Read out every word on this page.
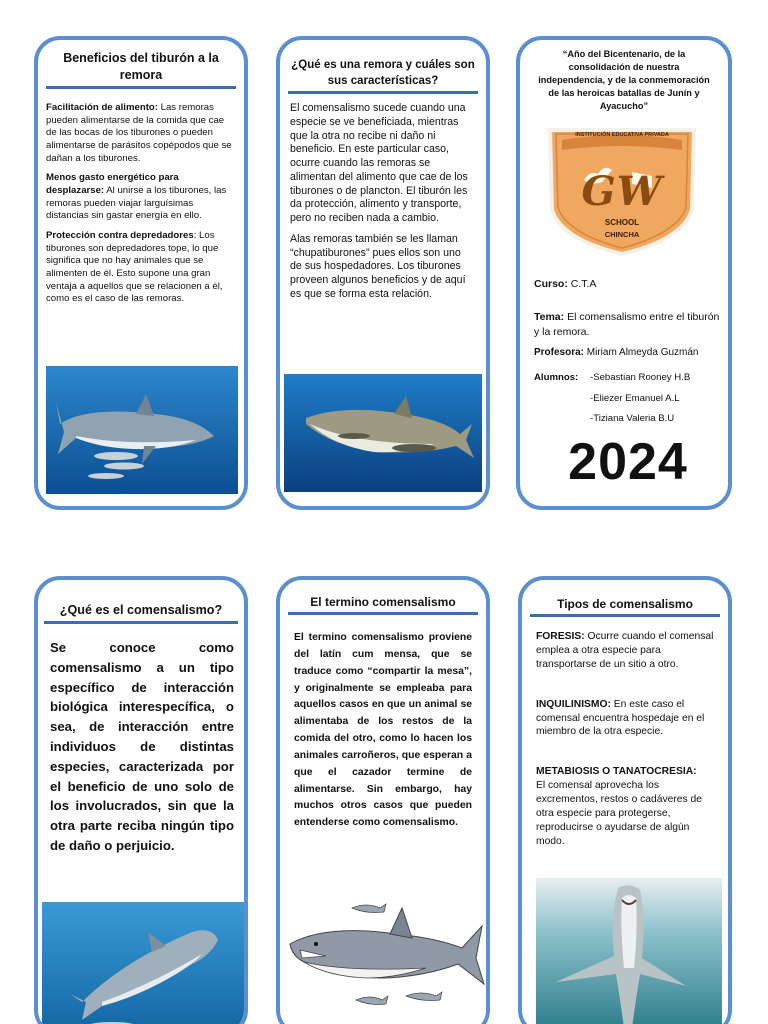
Beneficios del tiburón a la remora

Facilitación de alimento: Las remoras pueden alimentarse de la comida que cae de las bocas de los tiburones o pueden alimentarse de parásitos copépodos que se dañan a los tiburones.

Menos gasto energético para desplazarse: Al unirse a los tiburones, las remoras pueden viajar larguísimas distancias sin gastar energía en ello.

Protección contra depredadores: Los tiburones son depredadores tope, lo que significa que no hay animales que se alimenten de él. Esto supone una gran ventaja a aquellos que se relacionen a él, como es el caso de las remoras.

¿Qué es una remora y cuáles son sus características?

El comensalismo sucede cuando una especie se ve beneficiada, mientras que la otra no recibe ni daño ni beneficio. En este particular caso, ocurre cuando las remoras se alimentan del alimento que cae de los tiburones o de plancton. El tiburón les da protección, alimento y transporte, pero no reciben nada a cambio.

Alas remoras también se les llaman “chupatiburones” pues ellos son uno de sus hospedadores. Los tiburones proveen algunos beneficios y de aquí es que se forma esta relación.

“Año del Bicentenario, de la consolidación de nuestra independencia, y de la conmemoración de las heroicas batallas de Junín y Ayacucho”
INSTITUCIÓN EDUCATIVA PRIVADA
GW
SCHOOL
CHINCHA
Curso: C.T.A
Tema: El comensalismo entre el tiburón y la remora.
Profesora: Miriam Almeyda Guzmán
Alumnos: -Sebastian Rooney H.B
-Eliezer Emanuel A.L
-Tiziana Valeria B.U
2024
¿Qué es el comensalismo?
Se conoce como comensalismo a un tipo específico de interacción biológica interespecífica, o sea, de interacción entre individuos de distintas especies, caracterizada por el beneficio de uno solo de los involucrados, sin que la otra parte reciba ningún tipo de daño o perjuicio.
El termino comensalismo
El termino comensalismo proviene del latín cum mensa, que se traduce como “compartir la mesa”, y originalmente se empleaba para aquellos casos en que un animal se alimentaba de los restos de la comida del otro, como lo hacen los animales carroñeros, que esperan a que el cazador termine de alimentarse. Sin embargo, hay muchos otros casos que pueden entenderse como comensalismo.
Tipos de comensalismo

FORESIS: Ocurre cuando el comensal emplea a otra especie para transportarse de un sitio a otro.

INQUILINISMO: En este caso el comensal encuentra hospedaje en el miembro de la otra especie.

METABIOSIS O TANATOCRESIA:
El comensal aprovecha los excrementos, restos o cadáveres de otra especie para protegerse, reproducirse o ayudarse de algún modo.
